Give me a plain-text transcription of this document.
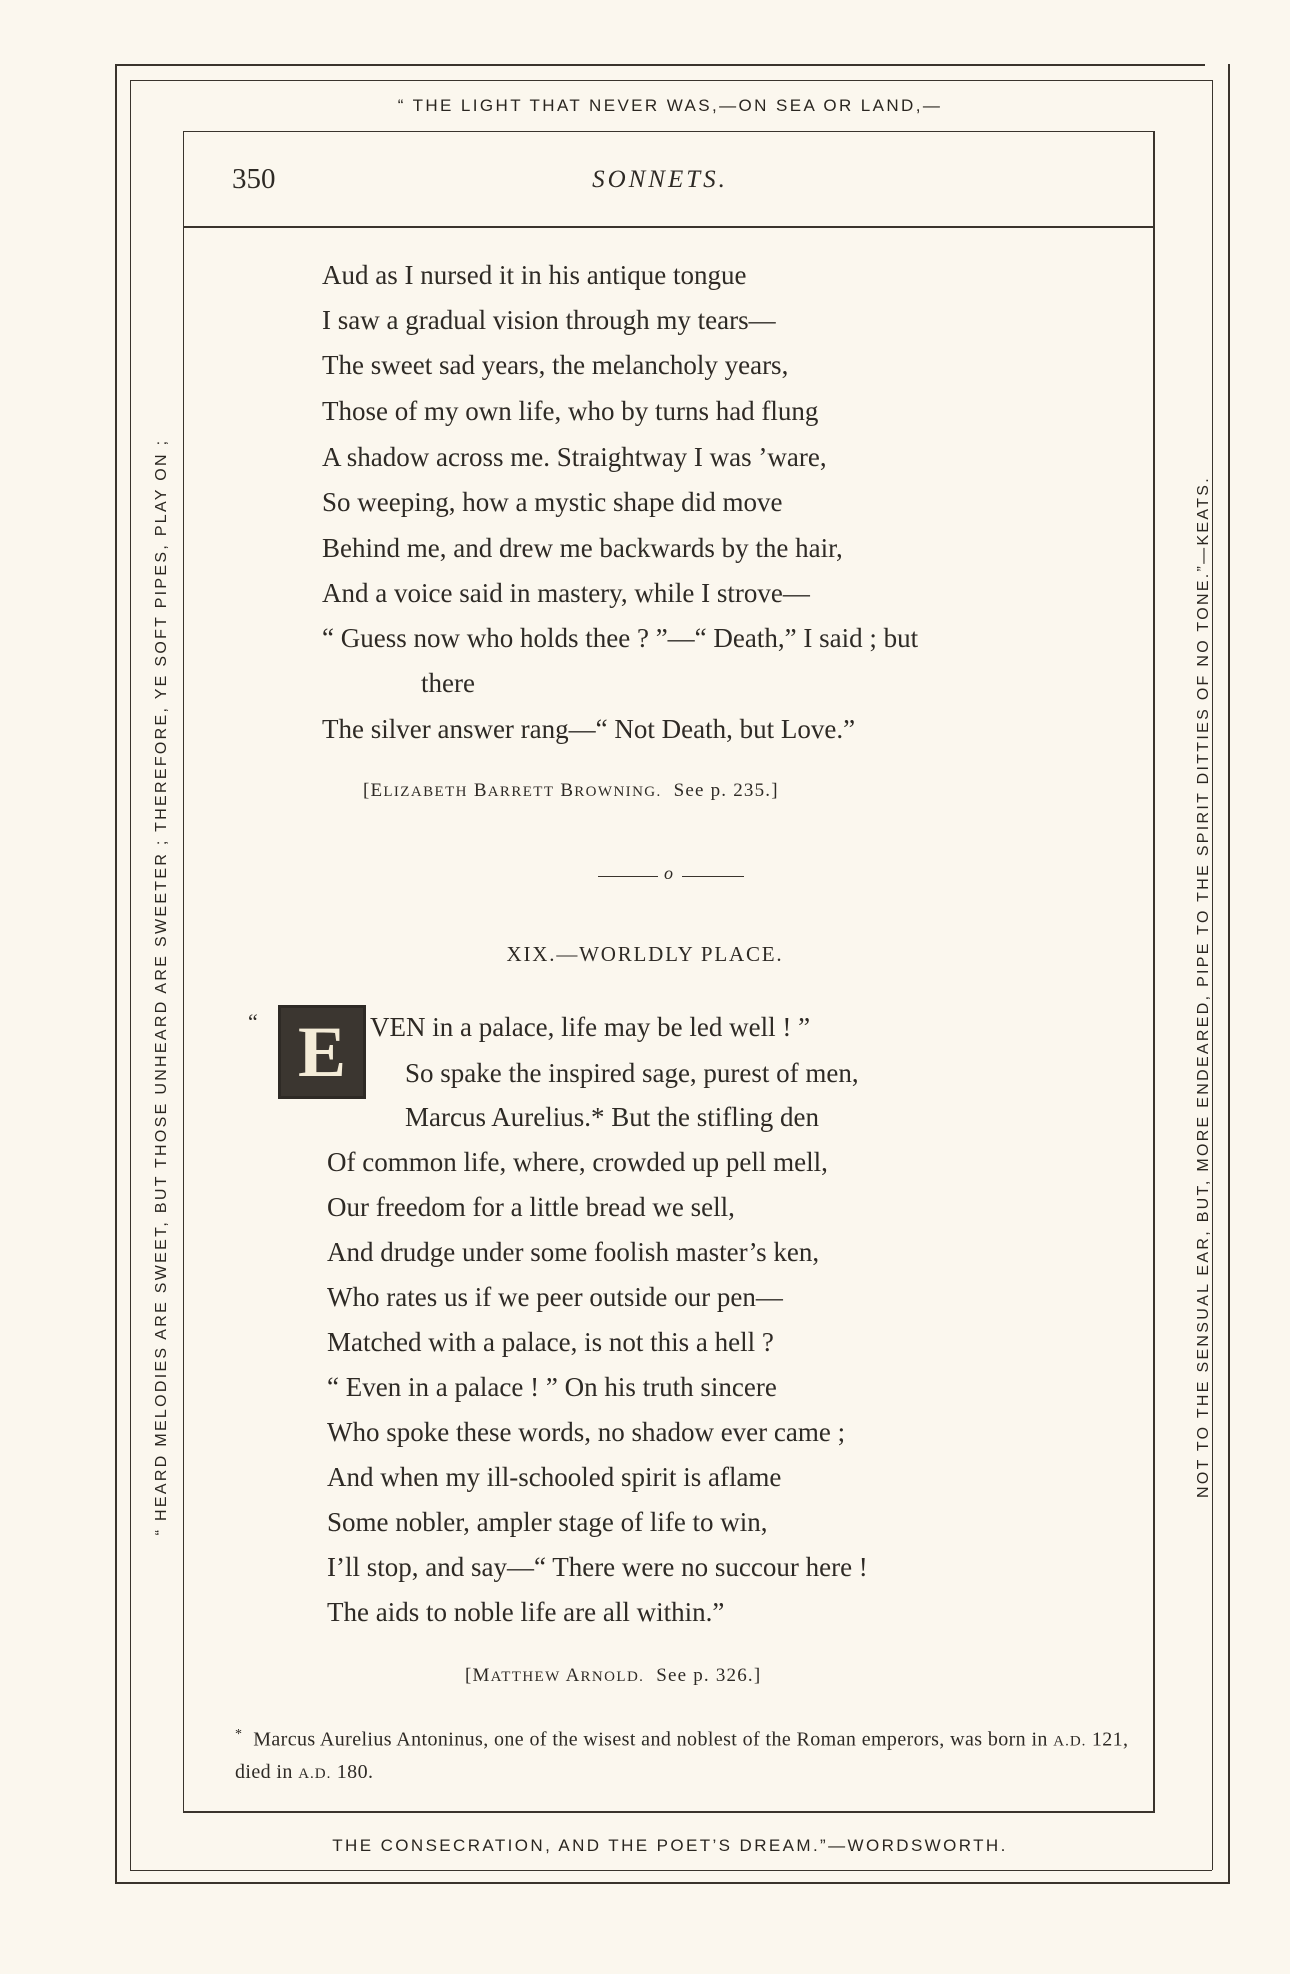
“ THE LIGHT THAT NEVER WAS,—ON SEA OR LAND,—
“ HEARD MELODIES ARE SWEET, BUT THOSE UNHEARD ARE SWEETER ; THEREFORE, YE SOFT PIPES, PLAY ON ;	NOT TO THE SENSUAL EAR, BUT, MORE ENDEARED, PIPE TO THE SPIRIT DITTIES OF NO TONE.”—KEATS.
THE CONSECRATION, AND THE POET’S DREAM.”—WORDSWORTH.
350	SONNETS.
Aud as I nursed it in his antique tongue
I saw a gradual vision through my tears—
The sweet sad years, the melancholy years,
Those of my own life, who by turns had flung
A shadow across me. Straightway I was ’ware,
So weeping, how a mystic shape did move
Behind me, and drew me backwards by the hair,
And a voice said in mastery, while I strove—
“ Guess now who holds thee ? ”—“ Death,” I said ; but
there
The silver answer rang—“ Not Death, but Love.”
[ELIZABETH BARRETT BROWNING. See p. 235.]
o
XIX.—WORLDLY PLACE.
“ E VEN in a palace, life may be led well ! ”
So spake the inspired sage, purest of men,
Marcus Aurelius.* But the stifling den
Of common life, where, crowded up pell mell,
Our freedom for a little bread we sell,
And drudge under some foolish master’s ken,
Who rates us if we peer outside our pen—
Matched with a palace, is not this a hell ?
“ Even in a palace ! ” On his truth sincere
Who spoke these words, no shadow ever came ;
And when my ill-schooled spirit is aflame
Some nobler, ampler stage of life to win,
I’ll stop, and say—“ There were no succour here !
The aids to noble life are all within.”
[MATTHEW ARNOLD. See p. 326.]
* Marcus Aurelius Antoninus, one of the wisest and noblest of the Roman emperors, was born in A.D. 121, died in A.D. 180.
